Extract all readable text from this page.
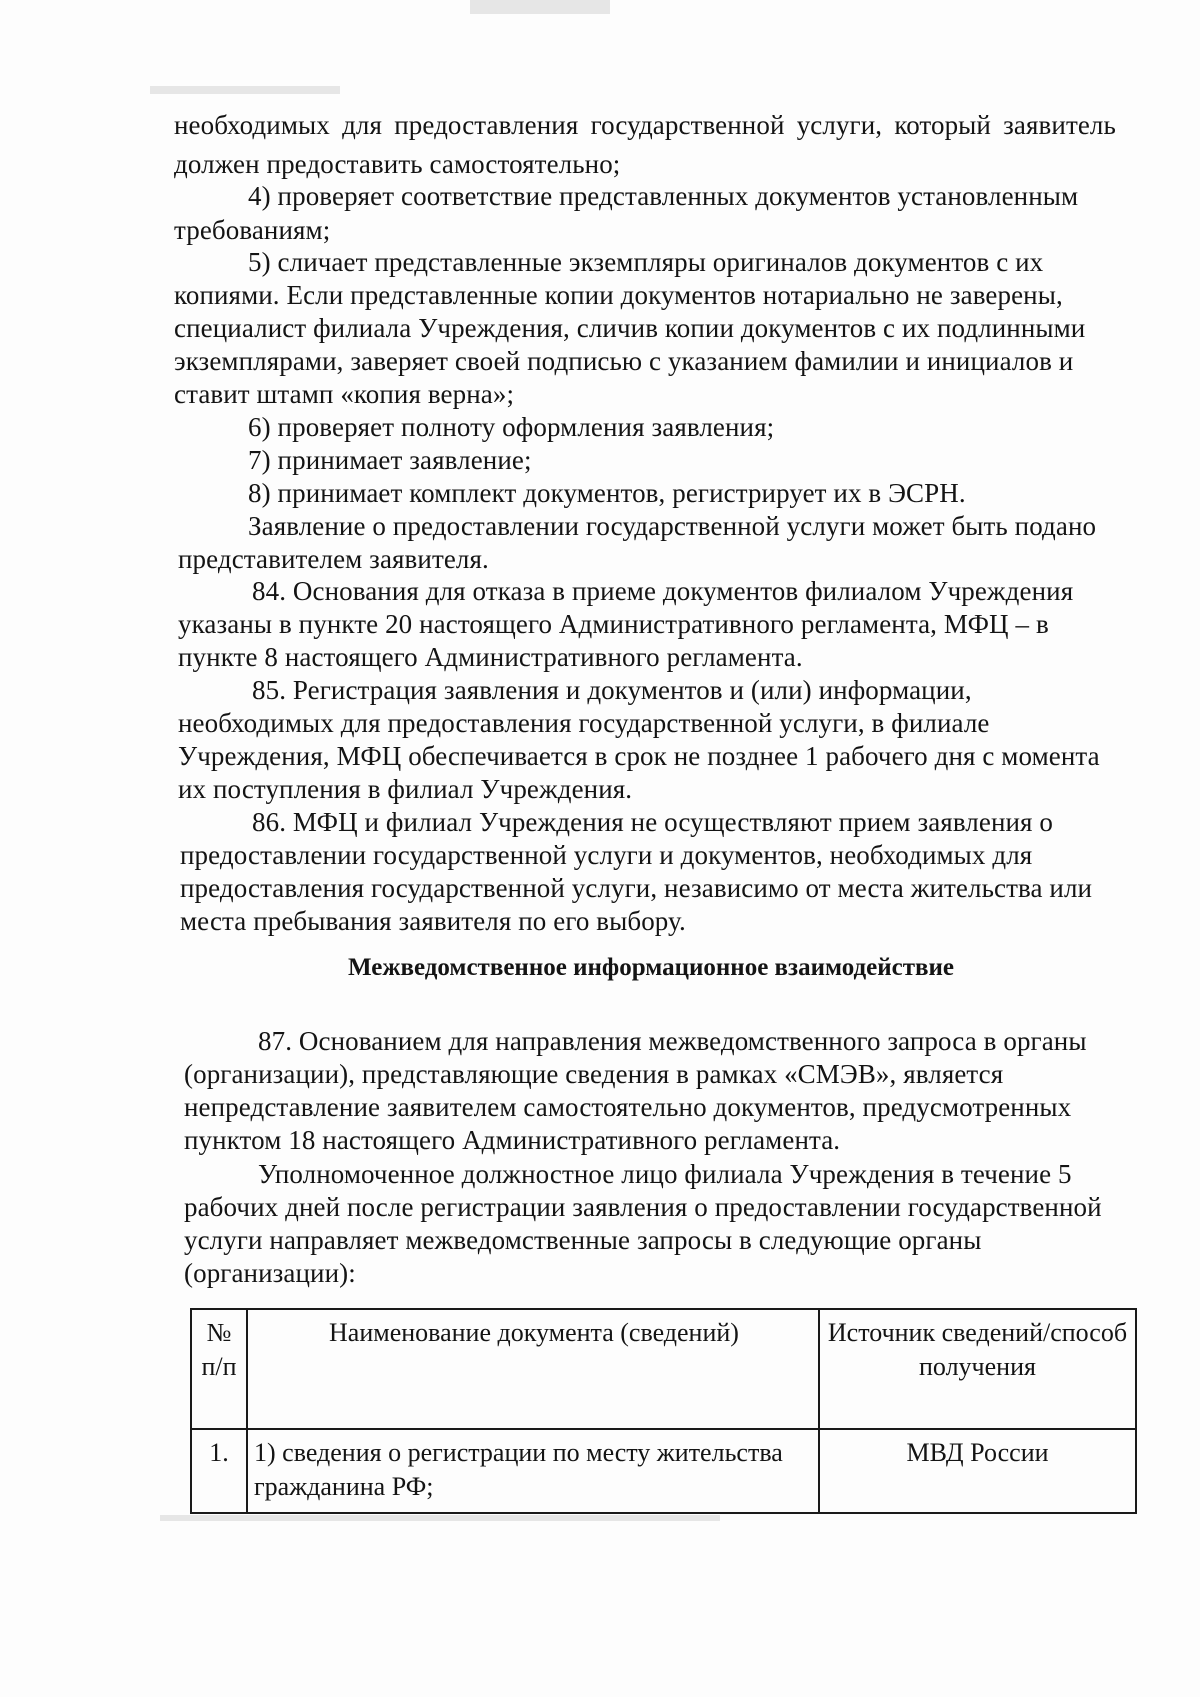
необходимых для предоставления государственной услуги, который заявитель
должен предоставить самостоятельно;
4) проверяет соответствие представленных документов установленным
требованиям;
5) сличает представленные экземпляры оригиналов документов с их
копиями. Если представленные копии документов нотариально не заверены,
специалист филиала Учреждения, сличив копии документов с их подлинными
экземплярами, заверяет своей подписью с указанием фамилии и инициалов и
ставит штамп «копия верна»;
6) проверяет полноту оформления заявления;
7) принимает заявление;
8) принимает комплект документов, регистрирует их в ЭСРН.
Заявление о предоставлении государственной услуги может быть подано
представителем заявителя.
84. Основания для отказа в приеме документов филиалом Учреждения
указаны в пункте 20 настоящего Административного регламента, МФЦ – в
пункте 8 настоящего Административного регламента.
85. Регистрация заявления и документов и (или) информации,
необходимых для предоставления государственной услуги, в филиале
Учреждения, МФЦ обеспечивается в срок не позднее 1 рабочего дня с момента
их поступления в филиал Учреждения.
86. МФЦ и филиал Учреждения не осуществляют прием заявления о
предоставлении государственной услуги и документов, необходимых для
предоставления государственной услуги, независимо от места жительства или
места пребывания заявителя по его выбору.
Межведомственное информационное взаимодействие
87. Основанием для направления межведомственного запроса в органы
(организации), представляющие сведения в рамках «СМЭВ», является
непредставление заявителем самостоятельно документов, предусмотренных
пунктом 18 настоящего Административного регламента.
Уполномоченное должностное лицо филиала Учреждения в течение 5
рабочих дней после регистрации заявления о предоставлении государственной
услуги направляет межведомственные запросы в следующие органы
(организации):
№ п/п	Наименование документа (сведений)	Источник сведений/способ получения
1.	1) сведения о регистрации по месту жительства гражданина РФ;	МВД России
